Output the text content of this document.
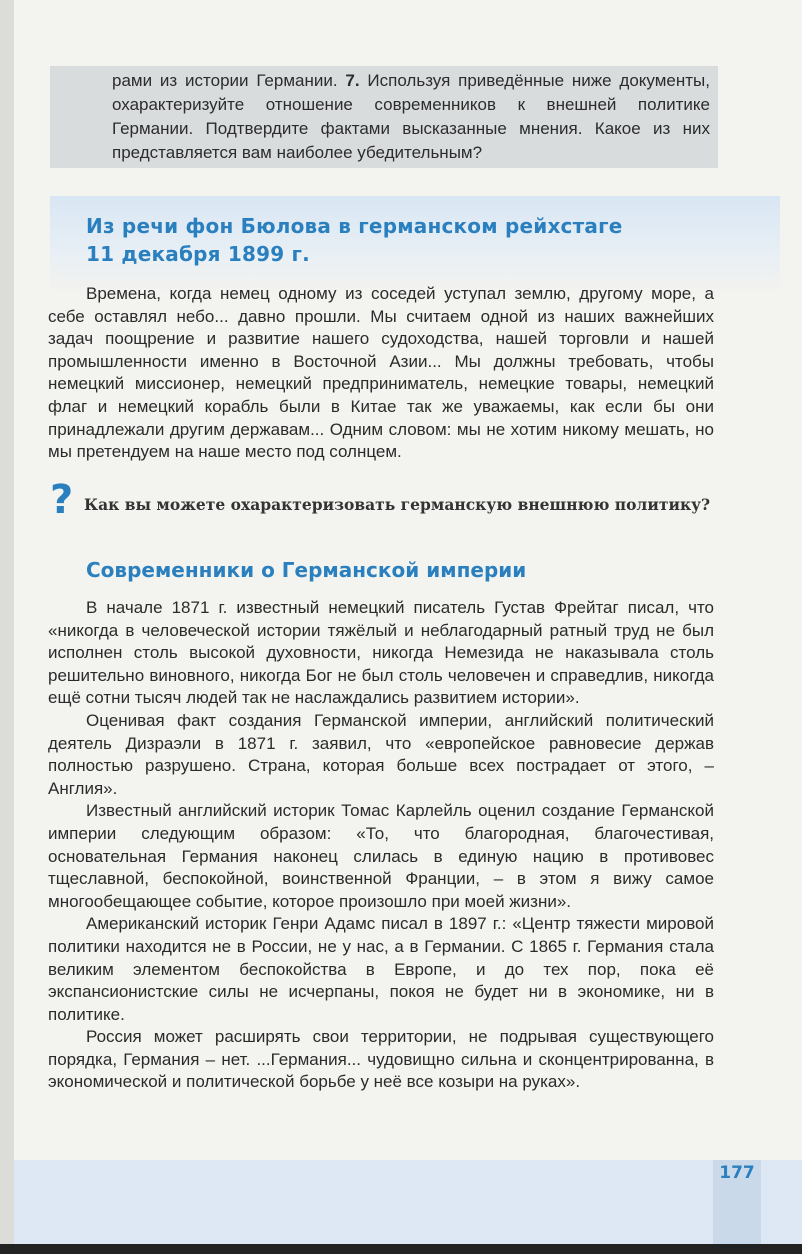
рами из истории Германии. 7. Используя приведённые ниже документы, охарактеризуйте отношение современников к внешней политике Германии. Подтвердите фактами высказанные мнения. Какое из них представляется вам наиболее убедительным?
Из речи фон Бюлова в германском рейхстаге
11 декабря 1899 г.
Времена, когда немец одному из соседей уступал землю, другому море, а себе оставлял небо... давно прошли. Мы считаем одной из наших важнейших задач поощрение и развитие нашего судоходства, нашей торговли и нашей промышленности именно в Восточной Азии... Мы должны требовать, чтобы немецкий миссионер, немецкий предприниматель, немецкие товары, немецкий флаг и немецкий корабль были в Китае так же уважаемы, как если бы они принадлежали другим державам... Одним словом: мы не хотим никому мешать, но мы претендуем на наше место под солнцем.
? Как вы можете охарактеризовать германскую внешнюю политику?
Современники о Германской империи

В начале 1871 г. известный немецкий писатель Густав Фрейтаг писал, что «никогда в человеческой истории тяжёлый и неблагодарный ратный труд не был исполнен столь высокой духовности, никогда Немезида не наказывала столь решительно виновного, никогда Бог не был столь человечен и справедлив, никогда ещё сотни тысяч людей так не наслаждались развитием истории».

Оценивая факт создания Германской империи, английский политический деятель Дизраэли в 1871 г. заявил, что «европейское равновесие держав полностью разрушено. Страна, которая больше всех пострадает от этого, – Англия».

Известный английский историк Томас Карлейль оценил создание Германской империи следующим образом: «То, что благородная, благочестивая, основательная Германия наконец слилась в единую нацию в противовес тщеславной, беспокойной, воинственной Франции, – в этом я вижу самое многообещающее событие, которое произошло при моей жизни».

Американский историк Генри Адамс писал в 1897 г.: «Центр тяжести мировой политики находится не в России, не у нас, а в Германии. С 1865 г. Германия стала великим элементом беспокойства в Европе, и до тех пор, пока её экспансионистские силы не исчерпаны, покоя не будет ни в экономике, ни в политике.

Россия может расширять свои территории, не подрывая существующего порядка, Германия – нет. ...Германия... чудовищно сильна и сконцентрированна, в экономической и политической борьбе у неё все козыри на руках».

177
